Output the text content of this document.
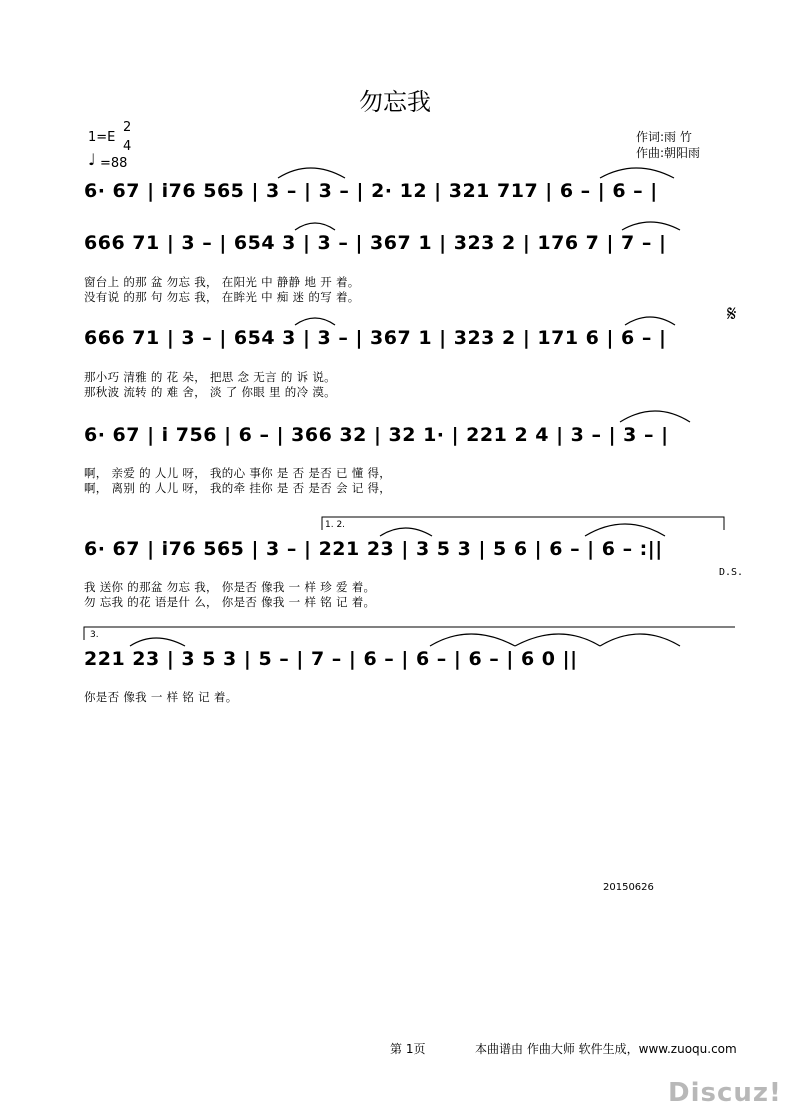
勿忘我
1=E
2
4
♩ =88
作词:雨 竹
作曲:朝阳雨
6· 67 | i76 565 | 3 – | 3 – | 2· 12 | 321 717 | 6 – | 6 – |
666 71 | 3 – | 654 3 | 3 – | 367 1 | 323 2 | 176 7 | 7 – |
窗台上 的那 盆 勿忘 我， 在阳光 中 静静 地 开 着。
没有说 的那 句 勿忘 我， 在眸光 中 痴 迷 的写 着。
666 71 | 3 – | 654 3 | 3 – | 367 1 | 323 2 | 171 6 | 6 – |
𝄋
那小巧 清雅 的 花 朵， 把思 念 无言 的 诉 说。
那秋波 流转 的 难 舍， 淡 了 你眼 里 的冷 漠。
6· 67 | i 756 | 6 – | 366 32 | 32 1· | 221 2 4 | 3 – | 3 – |
啊， 亲爱 的 人儿 呀， 我的心 事你 是 否 是否 已 懂 得，
啊， 离别 的 人儿 呀， 我的牵 挂你 是 否 是否 会 记 得，
1. 2.
6· 67 | i76 565 | 3 – | 221 23 | 3 5 3 | 5 6 | 6 – | 6 – :||
D.S.
我 送你 的那盆 勿忘 我， 你是否 像我 一 样 珍 爱 着。
勿 忘我 的花 语是什 么， 你是否 像我 一 样 铭 记 着。
3.
221 23 | 3 5 3 | 5 – | 7 – | 6 – | 6 – | 6 – | 6 0 ||
你是否 像我 一 样 铭 记 着。
20150626
第 1页	本曲谱由 作曲大师 软件生成，www.zuoqu.com
Discuz!
